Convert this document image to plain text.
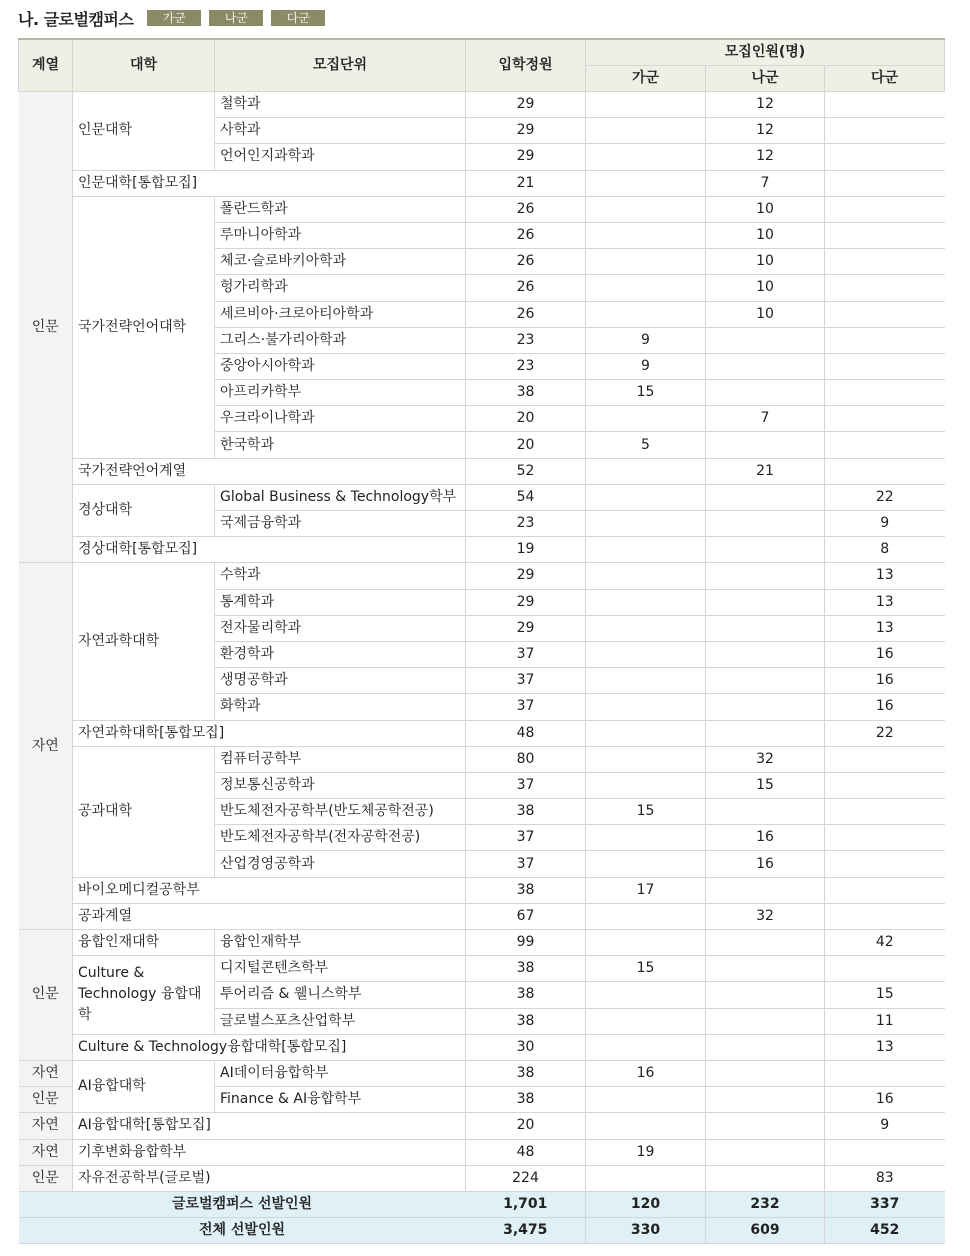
나. 글로벌캠퍼스	가군	나군	다군
계열	대학	모집단위	입학정원	모집인원(명)		
				가군	나군	다군
인문	인문대학	철학과	29		12	
		사학과	29		12	
		언어인지과학과	29		12	
	인문대학[통합모집]		21		7	
	국가전략언어대학	폴란드학과	26		10	
		루마니아학과	26		10	
		체코·슬로바키아학과	26		10	
		헝가리학과	26		10	
		세르비아·크로아티아학과	26		10	
		그리스·불가리아학과	23	9		
		중앙아시아학과	23	9		
		아프리카학부	38	15		
		우크라이나학과	20		7	
		한국학과	20	5		
	국가전략언어계열		52		21	
	경상대학	Global Business & Technology학부	54			22
		국제금융학과	23			9
	경상대학[통합모집]		19			8
자연	자연과학대학	수학과	29			13
		통계학과	29			13
		전자물리학과	29			13
		환경학과	37			16
		생명공학과	37			16
		화학과	37			16
	자연과학대학[통합모집]		48			22
	공과대학	컴퓨터공학부	80		32	
		정보통신공학과	37		15	
		반도체전자공학부(반도체공학전공)	38	15		
		반도체전자공학부(전자공학전공)	37		16	
		산업경영공학과	37		16	
	바이오메디컬공학부		38	17		
	공과계열		67		32	
인문	융합인재대학	융합인재학부	99			42
	Culture & Technology 융합대학	디지털콘텐츠학부	38	15		
		투어리즘 & 웰니스학부	38			15
		글로벌스포츠산업학부	38			11
	Culture & Technology융합대학[통합모집]		30			13
자연	AI융합대학	AI데이터융합학부	38	16		
인문		Finance & AI융합학부	38			16
자연	AI융합대학[통합모집]		20			9
자연	기후변화융합학부		48	19		
인문	자유전공학부(글로벌)		224			83
글로벌캠퍼스 선발인원			1,701	120	232	337
전체 선발인원			3,475	330	609	452
